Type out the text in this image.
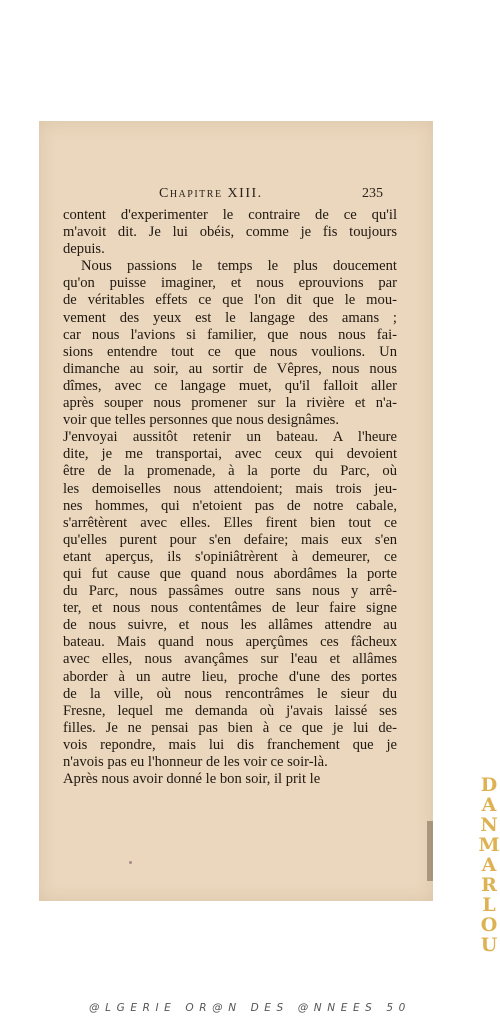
Chapitre XIII.	235
content d'experimenter le contraire de ce qu'il
m'avoit dit. Je lui obéis, comme je fis toujours
depuis.
Nous passions le temps le plus doucement
qu'on puisse imaginer, et nous eprouvions par
de véritables effets ce que l'on dit que le mou-
vement des yeux est le langage des amans ;
car nous l'avions si familier, que nous nous fai-
sions entendre tout ce que nous voulions. Un
dimanche au soir, au sortir de Vêpres, nous nous
dîmes, avec ce langage muet, qu'il falloit aller
après souper nous promener sur la rivière et n'a-
voir que telles personnes que nous designâmes.
J'envoyai aussitôt retenir un bateau. A l'heure
dite, je me transportai, avec ceux qui devoient
être de la promenade, à la porte du Parc, où
les demoiselles nous attendoient; mais trois jeu-
nes hommes, qui n'etoient pas de notre cabale,
s'arrêtèrent avec elles. Elles firent bien tout ce
qu'elles purent pour s'en defaire; mais eux s'en
etant aperçus, ils s'opiniâtrèrent à demeurer, ce
qui fut cause que quand nous abordâmes la porte
du Parc, nous passâmes outre sans nous y arrê-
ter, et nous nous contentâmes de leur faire signe
de nous suivre, et nous les allâmes attendre au
bateau. Mais quand nous aperçûmes ces fâcheux
avec elles, nous avançâmes sur l'eau et allâmes
aborder à un autre lieu, proche d'une des portes
de la ville, où nous rencontrâmes le sieur du
Fresne, lequel me demanda où j'avais laissé ses
filles. Je ne pensai pas bien à ce que je lui de-
vois repondre, mais lui dis franchement que je
n'avois pas eu l'honneur de les voir ce soir-là.
Après nous avoir donné le bon soir, il prit le	D
A
N
M
A
R
L
O
U
@LGERIE OR@N DES @NNEES 50
